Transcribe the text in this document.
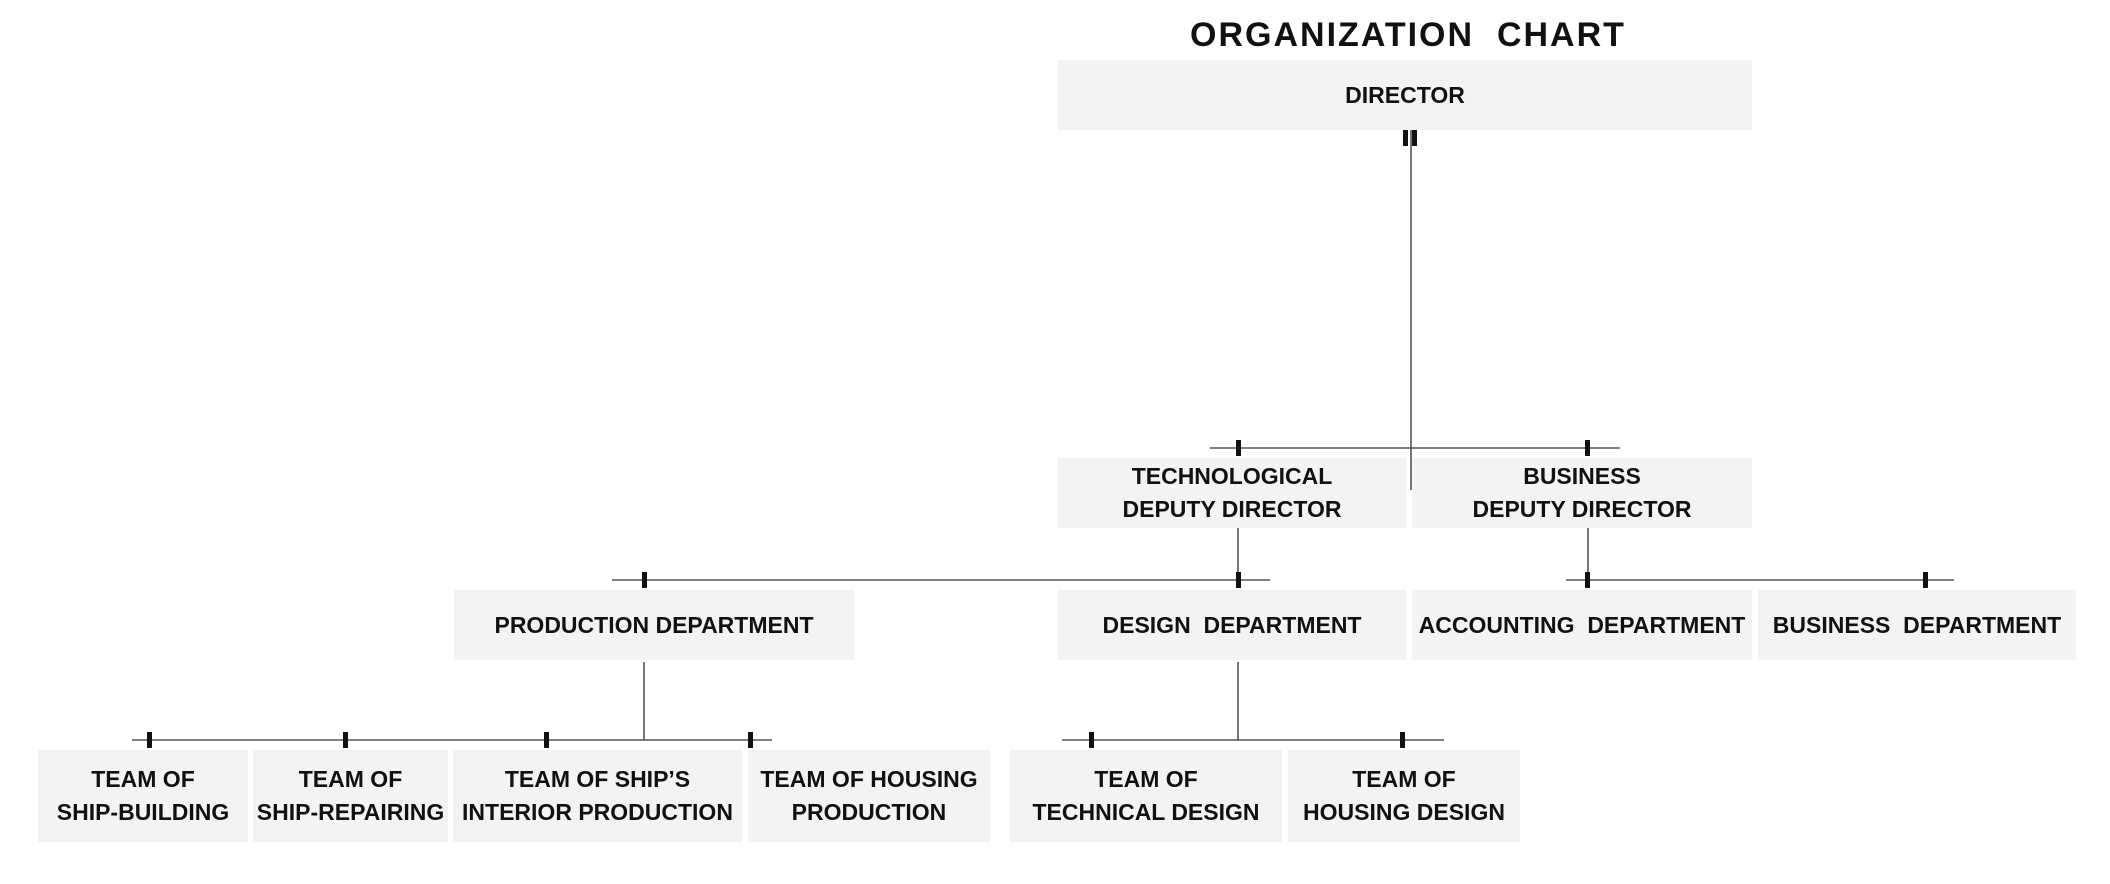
ORGANIZATION  CHART
DIRECTOR
TECHNOLOGICAL
DEPUTY DIRECTOR
BUSINESS
DEPUTY DIRECTOR
PRODUCTION DEPARTMENT	DESIGN  DEPARTMENT	ACCOUNTING  DEPARTMENT	BUSINESS  DEPARTMENT
TEAM OF
SHIP-BUILDING
TEAM OF
SHIP-REPAIRING
TEAM OF SHIP’S
INTERIOR PRODUCTION
TEAM OF HOUSING
PRODUCTION
TEAM OF
TECHNICAL DESIGN
TEAM OF
HOUSING DESIGN
